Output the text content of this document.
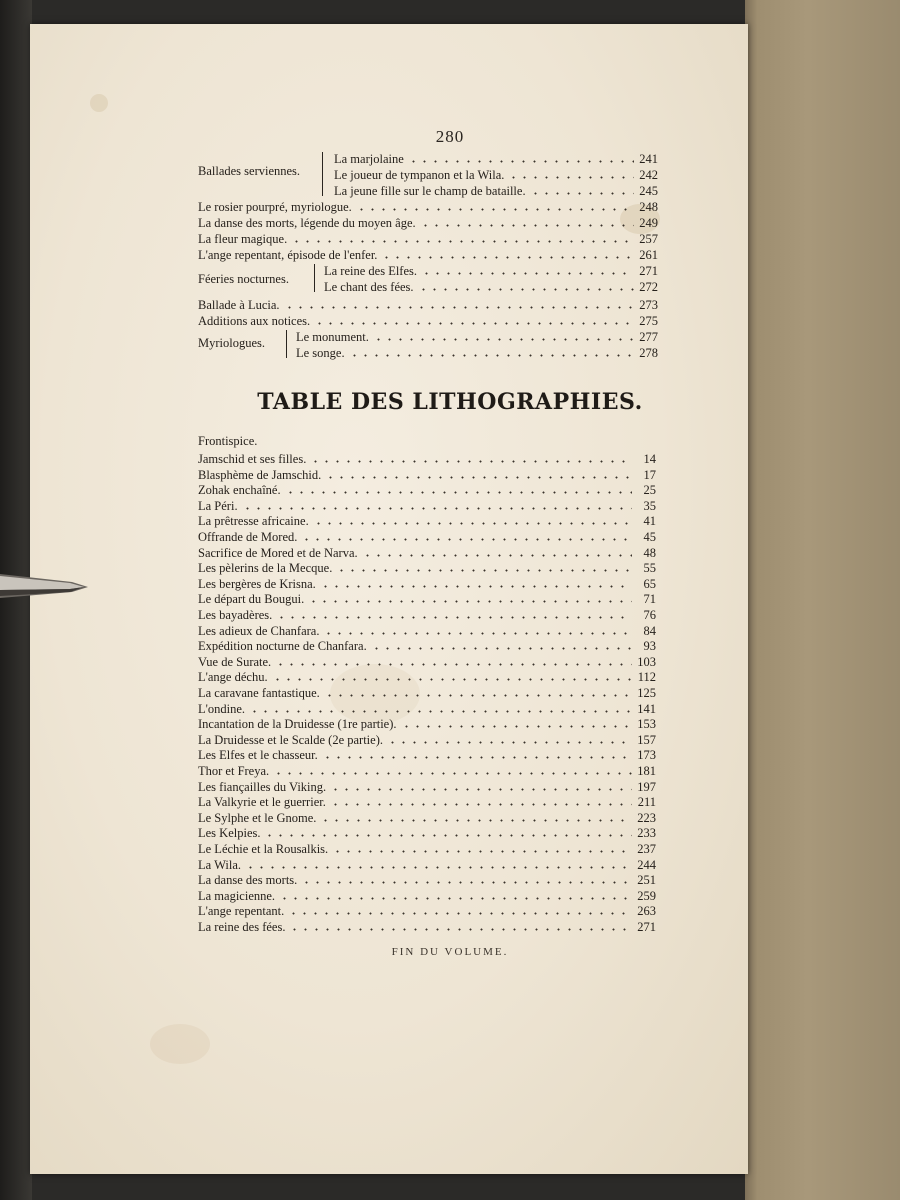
280
Ballades serviennes.
La marjolaine	241
Le joueur de tympanon et la Wila.	242
La jeune fille sur le champ de bataille.	245
Le rosier pourpré, myriologue.	248
La danse des morts, légende du moyen âge.	249
La fleur magique.	257
L'ange repentant, épisode de l'enfer.	261
Féeries nocturnes.
La reine des Elfes.	271
Le chant des fées.	272
Ballade à Lucia.	273
Additions aux notices.	275
Myriologues. Le monument.	277
Le songe.	278
TABLE DES LITHOGRAPHIES.
Frontispice.
Jamschid et ses filles.	14
Blasphème de Jamschid.	17
Zohak enchaîné.	25
La Péri.	35
La prêtresse africaine.	41
Offrande de Mored.	45
Sacrifice de Mored et de Narva.	48
Les pèlerins de la Mecque.	55
Les bergères de Krisna.	65
Le départ du Bougui.	71
Les bayadères.	76
Les adieux de Chanfara.	84
Expédition nocturne de Chanfara.	93
Vue de Surate.	103
L'ange déchu.	112
La caravane fantastique.	125
L'ondine.	141
Incantation de la Druidesse (1re partie).	153
La Druidesse et le Scalde (2e partie).	157
Les Elfes et le chasseur.	173
Thor et Freya.	181
Les fiançailles du Viking.	197
La Valkyrie et le guerrier.	211
Le Sylphe et le Gnome.	223
Les Kelpies.	233
Le Léchie et la Rousalkis.	237
La Wila.	244
La danse des morts.	251
La magicienne.	259
L'ange repentant.	263
La reine des fées.	271
FIN DU VOLUME.
